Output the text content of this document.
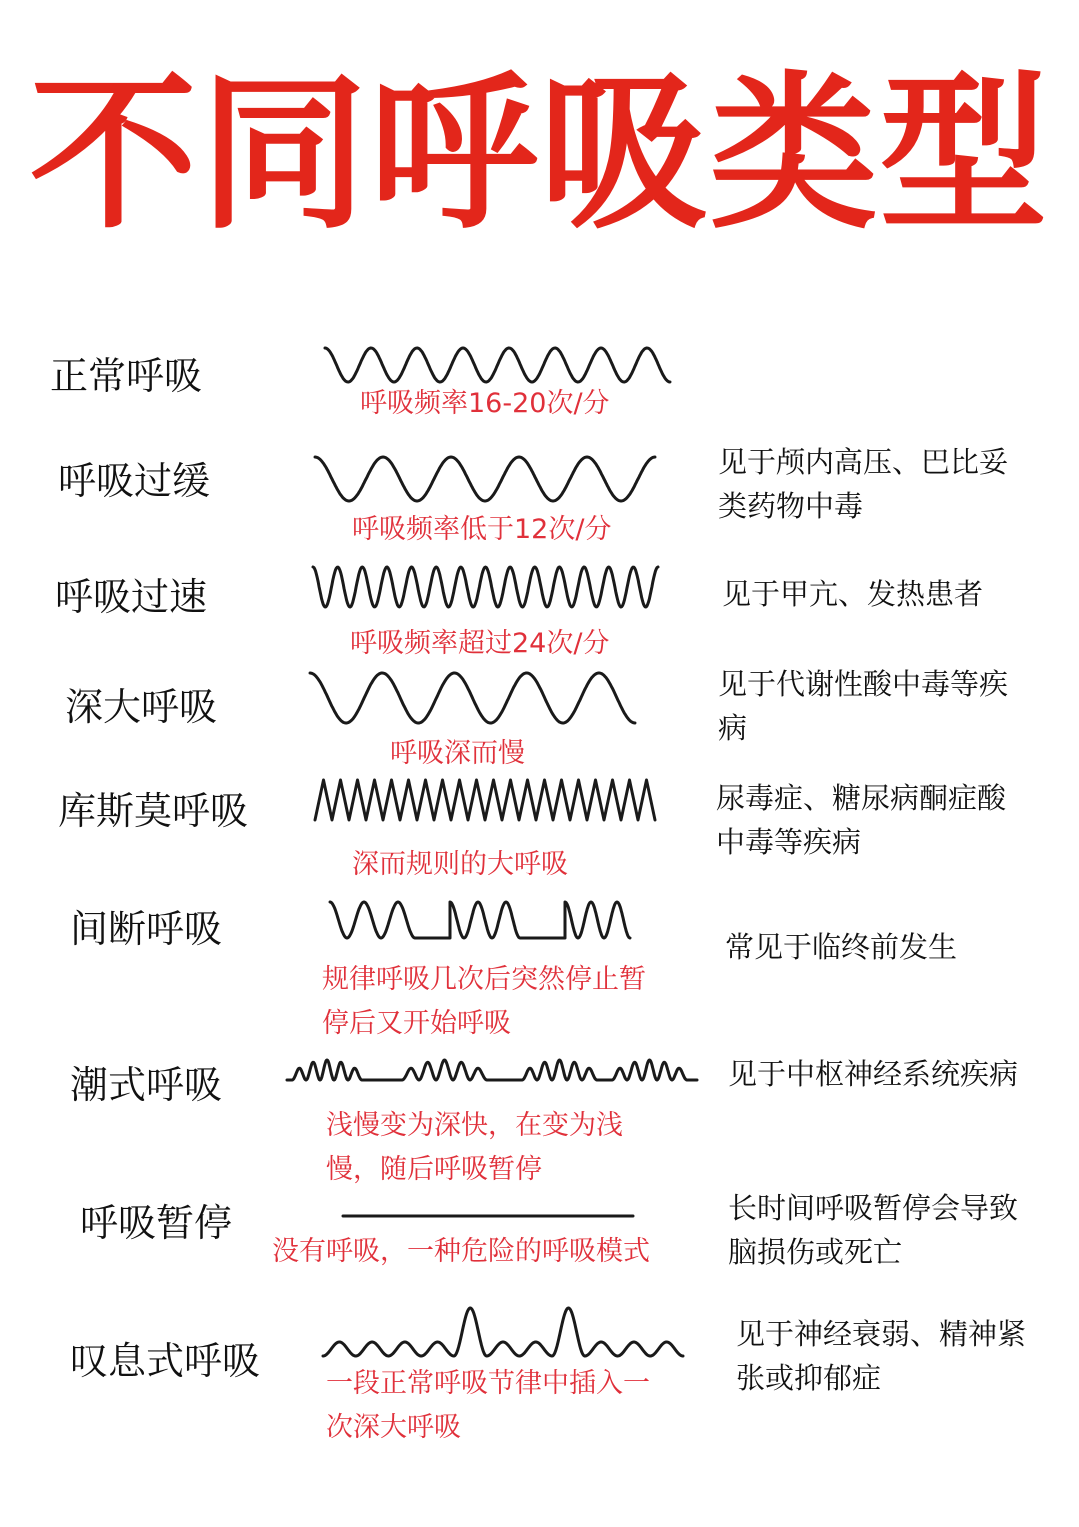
不同呼吸类型
正常呼吸
呼吸频率16-20次/分
呼吸过缓
呼吸频率低于12次/分
见于颅内高压、巴比妥类药物中毒
呼吸过速
呼吸频率超过24次/分
见于甲亢、发热患者
深大呼吸
呼吸深而慢
见于代谢性酸中毒等疾病
库斯莫呼吸
深而规则的大呼吸
尿毒症、糖尿病酮症酸中毒等疾病
间断呼吸
规律呼吸几次后突然停止暂停后又开始呼吸
常见于临终前发生
潮式呼吸
浅慢变为深快，在变为浅慢，随后呼吸暂停
见于中枢神经系统疾病
呼吸暂停
没有呼吸，一种危险的呼吸模式
长时间呼吸暂停会导致脑损伤或死亡
叹息式呼吸
一段正常呼吸节律中插入一次深大呼吸
见于神经衰弱、精神紧张或抑郁症
